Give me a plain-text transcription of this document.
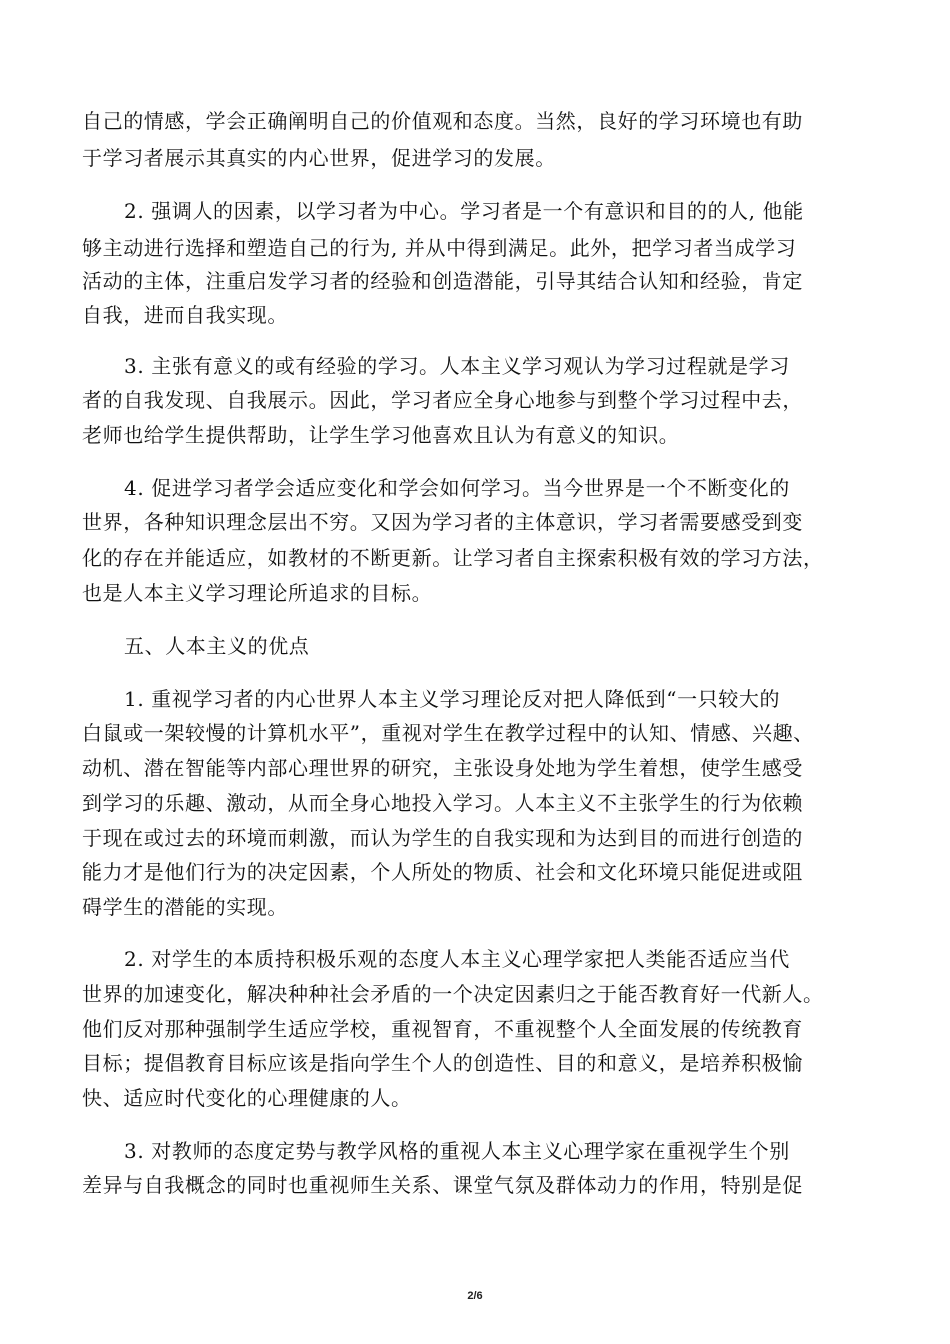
自己的情感，学会正确阐明自己的价值观和态度。当然，良好的学习环境也有助
于学习者展示其真实的内心世界，促进学习的发展。
2. 强调人的因素，以学习者为中心。学习者是一个有意识和目的的人, 他能
够主动进行选择和塑造自己的行为, 并从中得到满足。此外，把学习者当成学习
活动的主体，注重启发学习者的经验和创造潜能，引导其结合认知和经验，肯定
自我，进而自我实现。
3. 主张有意义的或有经验的学习。人本主义学习观认为学习过程就是学习
者的自我发现、自我展示。因此，学习者应全身心地参与到整个学习过程中去，
老师也给学生提供帮助，让学生学习他喜欢且认为有意义的知识。
4. 促进学习者学会适应变化和学会如何学习。当今世界是一个不断变化的
世界，各种知识理念层出不穷。又因为学习者的主体意识，学习者需要感受到变
化的存在并能适应，如教材的不断更新。让学习者自主探索积极有效的学习方法，
也是人本主义学习理论所追求的目标。
五、人本主义的优点
1. 重视学习者的内心世界人本主义学习理论反对把人降低到“一只较大的
白鼠或一架较慢的计算机水平”，重视对学生在教学过程中的认知、情感、兴趣、
动机、潜在智能等内部心理世界的研究，主张设身处地为学生着想，使学生感受
到学习的乐趣、激动，从而全身心地投入学习。人本主义不主张学生的行为依赖
于现在或过去的环境而刺激，而认为学生的自我实现和为达到目的而进行创造的
能力才是他们行为的决定因素，个人所处的物质、社会和文化环境只能促进或阻
碍学生的潜能的实现。
2. 对学生的本质持积极乐观的态度人本主义心理学家把人类能否适应当代
世界的加速变化，解决种种社会矛盾的一个决定因素归之于能否教育好一代新人。
他们反对那种强制学生适应学校，重视智育，不重视整个人全面发展的传统教育
目标；提倡教育目标应该是指向学生个人的创造性、目的和意义，是培养积极愉
快、适应时代变化的心理健康的人。
3. 对教师的态度定势与教学风格的重视人本主义心理学家在重视学生个别
差异与自我概念的同时也重视师生关系、课堂气氛及群体动力的作用，特别是促
2/6
